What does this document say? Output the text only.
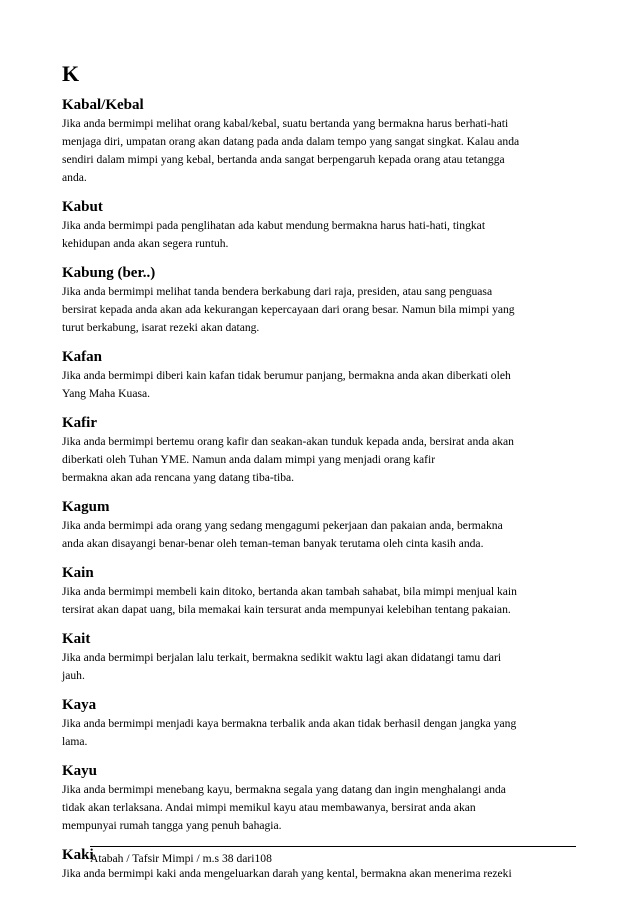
K
Kabal/Kebal
Jika anda bermimpi melihat orang kabal/kebal, suatu bertanda yang bermakna harus berhati-hati
menjaga diri, umpatan orang akan datang pada anda dalam tempo yang sangat singkat. Kalau anda
sendiri dalam mimpi yang kebal, bertanda anda sangat berpengaruh kepada orang atau tetangga
anda.
Kabut
Jika anda bermimpi pada penglihatan ada kabut mendung bermakna harus hati-hati, tingkat
kehidupan anda akan segera runtuh.
Kabung (ber..)
Jika anda bermimpi melihat tanda bendera berkabung dari raja, presiden, atau sang penguasa
bersirat kepada anda akan ada kekurangan kepercayaan dari orang besar. Namun bila mimpi yang
turut berkabung, isarat rezeki akan datang.
Kafan
Jika anda bermimpi diberi kain kafan tidak berumur panjang, bermakna anda akan diberkati oleh
Yang Maha Kuasa.
Kafir
Jika anda bermimpi bertemu orang kafir dan seakan-akan tunduk kepada anda, bersirat anda akan
diberkati oleh Tuhan YME. Namun anda dalam mimpi yang menjadi orang kafir
bermakna akan ada rencana yang datang tiba-tiba.
Kagum
Jika anda bermimpi ada orang yang sedang mengagumi pekerjaan dan pakaian anda, bermakna
anda akan disayangi benar-benar oleh teman-teman banyak terutama oleh cinta kasih anda.
Kain
Jika anda bermimpi membeli kain ditoko, bertanda akan tambah sahabat, bila mimpi menjual kain
tersirat akan dapat uang, bila memakai kain tersurat anda mempunyai kelebihan tentang pakaian.
Kait
Jika anda bermimpi berjalan lalu terkait, bermakna sedikit waktu lagi akan didatangi tamu dari
jauh.
Kaya
Jika anda bermimpi menjadi kaya bermakna terbalik anda akan tidak berhasil dengan jangka yang
lama.
Kayu
Jika anda bermimpi menebang kayu, bermakna segala yang datang dan ingin menghalangi anda
tidak akan terlaksana. Andai mimpi memikul kayu atau membawanya, bersirat anda akan
mempunyai rumah tangga yang penuh bahagia.
Kaki
Jika anda bermimpi kaki anda mengeluarkan darah yang kental, bermakna akan menerima rezeki
Atabah / Tafsir Mimpi / m.s 38 dari108
